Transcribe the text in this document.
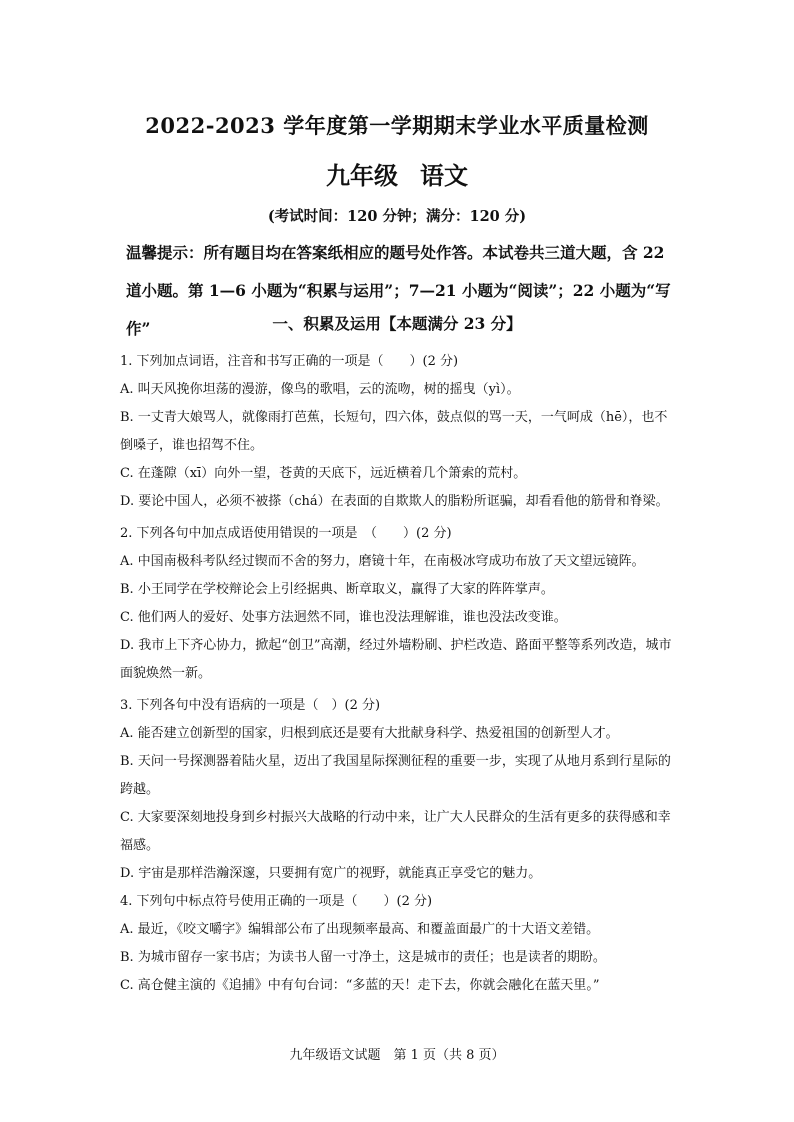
2022-2023 学年度第一学期期末学业水平质量检测
九年级 语文
(考试时间：120 分钟；满分：120 分)
温馨提示：所有题目均在答案纸相应的题号处作答。本试卷共三道大题，含 22 道小题。第 1—6 小题为“积累与运用”；7—21 小题为“阅读”；22 小题为“写作”	一、积累及运用【本题满分 23 分】

1. 下列加点词语，注音和书写正确的一项是（　　）(2 分)

A. 叫天风挽你坦荡的漫游，像鸟的歌唱，云的流吻，树的摇曳（yì）。

B. 一丈青大娘骂人，就像雨打芭蕉，长短句，四六体，鼓点似的骂一天，一气呵成（hē），也不倒嗓子，谁也招驾不住。

C. 在蓬隙（xī）向外一望，苍黄的天底下，远近横着几个箫索的荒村。

D. 要论中国人，必须不被搽（chá）在表面的自欺欺人的脂粉所诓骗，却看看他的筋骨和脊梁。

2. 下列各句中加点成语使用错误的一项是　（　　）(2 分)

A. 中国南极科考队经过锲而不舍的努力，磨镜十年，在南极冰穹成功布放了天文望远镜阵。

B. 小王同学在学校辩论会上引经据典、断章取义，赢得了大家的阵阵掌声。

C. 他们两人的爱好、处事方法迥然不同，谁也没法理解谁，谁也没法改变谁。

D. 我市上下齐心协力，掀起“创卫”高潮，经过外墙粉刷、护栏改造、路面平整等系列改造，城市面貌焕然一新。

3. 下列各句中没有语病的一项是（　）(2 分)

A. 能否建立创新型的国家，归根到底还是要有大批献身科学、热爱祖国的创新型人才。

B. 天问一号探测器着陆火星，迈出了我国星际探测征程的重要一步，实现了从地月系到行星际的跨越。

C. 大家要深刻地投身到乡村振兴大战略的行动中来，让广大人民群众的生活有更多的获得感和幸福感。

D. 宇宙是那样浩瀚深邃，只要拥有宽广的视野，就能真正享受它的魅力。

4. 下列句中标点符号使用正确的一项是（　　）(2 分)

A. 最近，《咬文嚼字》编辑部公布了出现频率最高、和覆盖面最广的十大语文差错。

B. 为城市留存一家书店；为读书人留一寸净土，这是城市的责任；也是读者的期盼。

C. 高仓健主演的《追捕》中有句台词：“多蓝的天！走下去，你就会融化在蓝天里。”

九年级语文试题　第 1 页（共 8 页）
